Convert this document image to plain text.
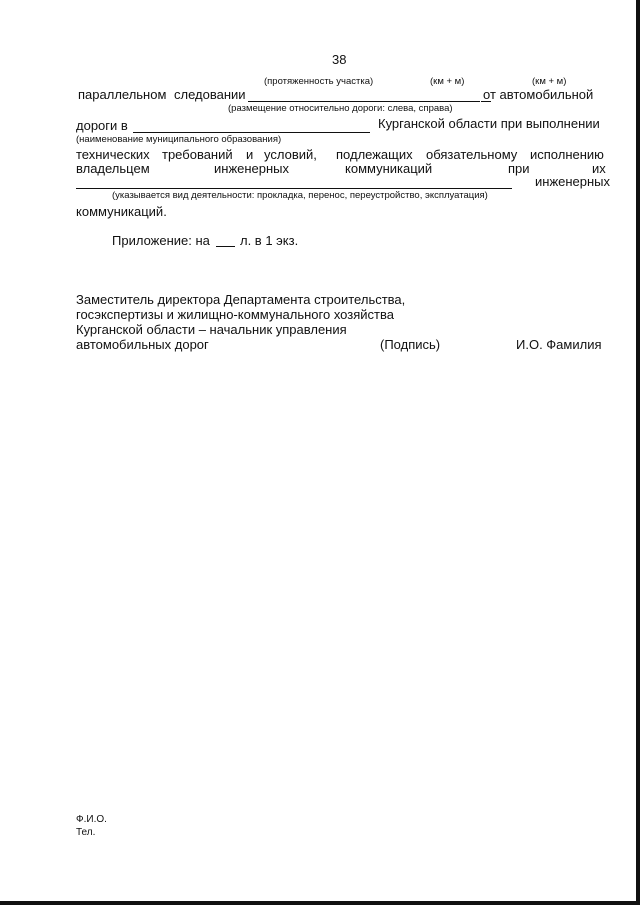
38
(протяженность участка)	(км + м)	(км + м)
параллельном следовании	от автомобильной
(размещение относительно дороги: слева, справа)
дороги в	Курганской области при выполнении
(наименование муниципального образования)
технических требований и условий, подлежащих обязательному исполнению
владельцем	инженерных	коммуникаций	при	их
инженерных
(указывается вид деятельности: прокладка, перенос, переустройство, эксплуатация)
коммуникаций.
Приложение: на л. в 1 экз.
Заместитель директора Департамента строительства,
госэкспертизы и жилищно-коммунального хозяйства
Курганской области – начальник управления
автомобильных дорог	(Подпись)	И.О. Фамилия
Ф.И.О.
Тел.
